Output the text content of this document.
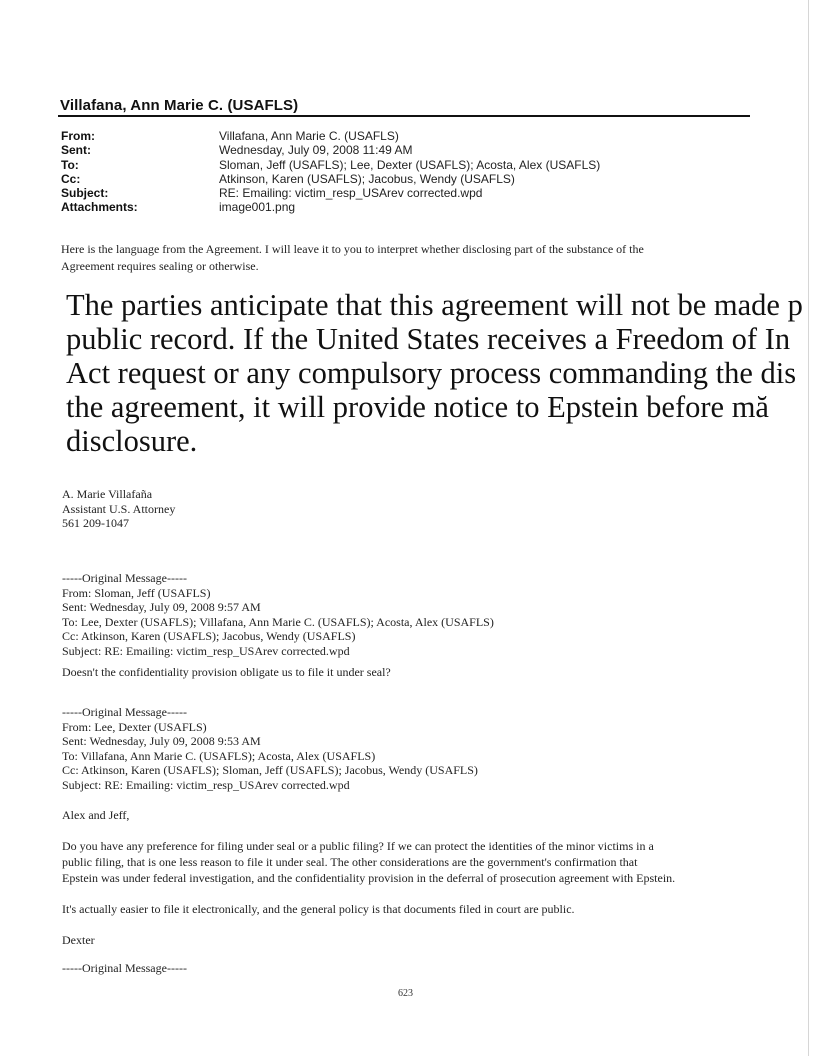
Villafana, Ann Marie C. (USAFLS)
From:	Villafana, Ann Marie C. (USAFLS)
Sent:	Wednesday, July 09, 2008 11:49 AM
To:	Sloman, Jeff (USAFLS); Lee, Dexter (USAFLS); Acosta, Alex (USAFLS)
Cc:	Atkinson, Karen (USAFLS); Jacobus, Wendy (USAFLS)
Subject:	RE: Emailing: victim_resp_USArev corrected.wpd
Attachments:	image001.png
Here is the language from the Agreement. I will leave it to you to interpret whether disclosing part of the substance of the
Agreement requires sealing or otherwise.
The parties anticipate that this agreement will not be made p
public record. If the United States receives a Freedom of In
Act request or any compulsory process commanding the dis
the agreement, it will provide notice to Epstein before mă
disclosure.
A. Marie Villafaña
Assistant U.S. Attorney
561 209-1047
-----Original Message-----
From: Sloman, Jeff (USAFLS)
Sent: Wednesday, July 09, 2008 9:57 AM
To: Lee, Dexter (USAFLS); Villafana, Ann Marie C. (USAFLS); Acosta, Alex (USAFLS)
Cc: Atkinson, Karen (USAFLS); Jacobus, Wendy (USAFLS)
Subject: RE: Emailing: victim_resp_USArev corrected.wpd
Doesn't the confidentiality provision obligate us to file it under seal?
-----Original Message-----
From: Lee, Dexter (USAFLS)
Sent: Wednesday, July 09, 2008 9:53 AM
To: Villafana, Ann Marie C. (USAFLS); Acosta, Alex (USAFLS)
Cc: Atkinson, Karen (USAFLS); Sloman, Jeff (USAFLS); Jacobus, Wendy (USAFLS)
Subject: RE: Emailing: victim_resp_USArev corrected.wpd
Alex and Jeff,
Do you have any preference for filing under seal or a public filing? If we can protect the identities of the minor victims in a
public filing, that is one less reason to file it under seal. The other considerations are the government's confirmation that
Epstein was under federal investigation, and the confidentiality provision in the deferral of prosecution agreement with Epstein.
It's actually easier to file it electronically, and the general policy is that documents filed in court are public.
Dexter
-----Original Message-----
623
